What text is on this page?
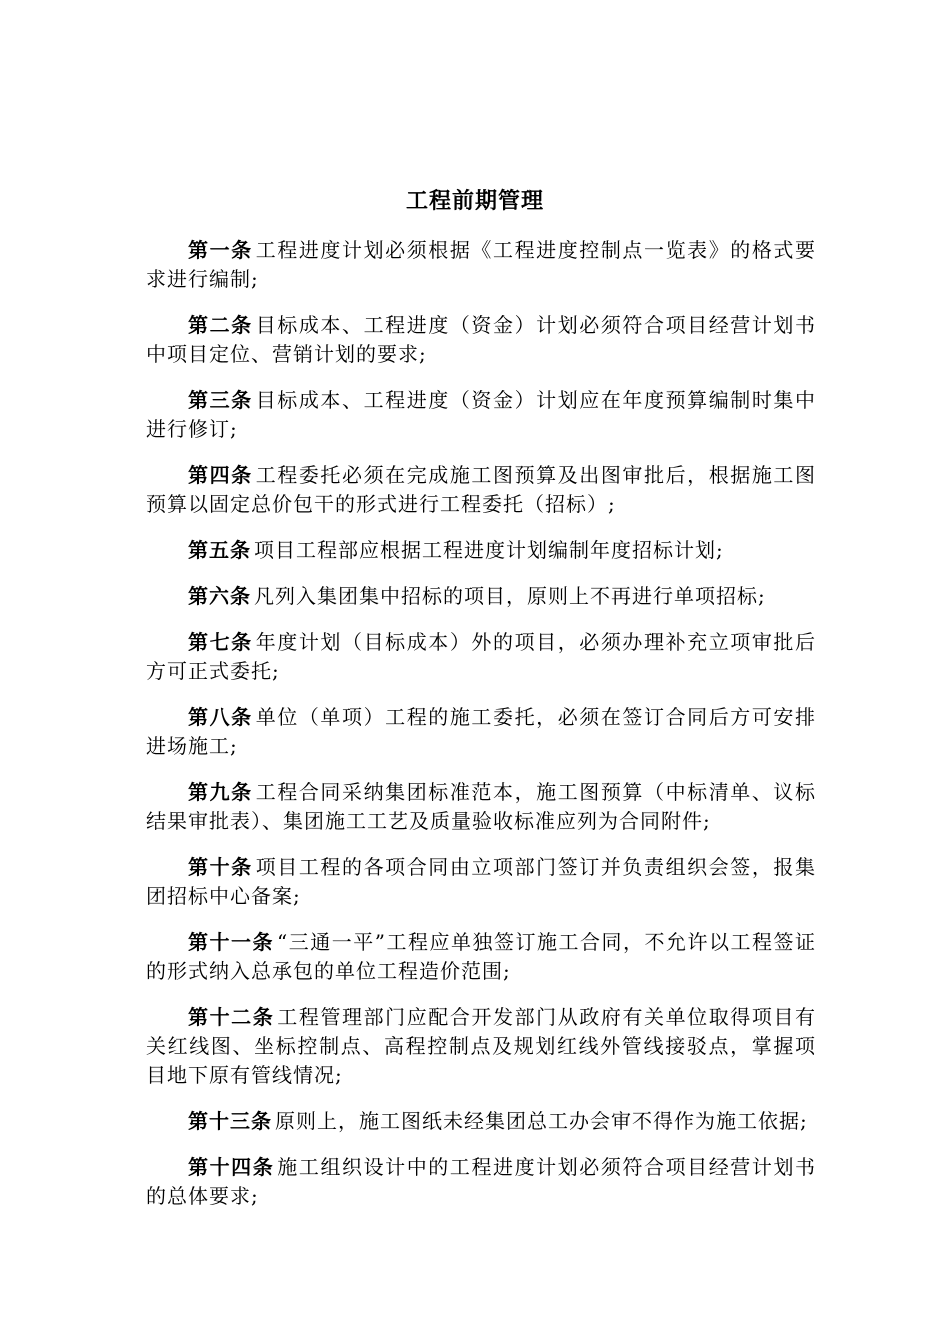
工程前期管理

第一条 工程进度计划必须根据《工程进度控制点一览表》的格式要求进行编制;

第二条 目标成本、工程进度（资金）计划必须符合项目经营计划书中项目定位、营销计划的要求;

第三条 目标成本、工程进度（资金）计划应在年度预算编制时集中进行修订;

第四条 工程委托必须在完成施工图预算及出图审批后，根据施工图预算以固定总价包干的形式进行工程委托（招标）;

第五条 项目工程部应根据工程进度计划编制年度招标计划;

第六条 凡列入集团集中招标的项目，原则上不再进行单项招标;

第七条 年度计划（目标成本）外的项目，必须办理补充立项审批后方可正式委托;

第八条 单位（单项）工程的施工委托，必须在签订合同后方可安排进场施工;

第九条 工程合同采纳集团标准范本，施工图预算（中标清单、议标结果审批表）、集团施工工艺及质量验收标准应列为合同附件;

第十条 项目工程的各项合同由立项部门签订并负责组织会签，报集团招标中心备案;

第十一条 “三通一平”工程应单独签订施工合同，不允许以工程签证的形式纳入总承包的单位工程造价范围;

第十二条 工程管理部门应配合开发部门从政府有关单位取得项目有关红线图、坐标控制点、高程控制点及规划红线外管线接驳点，掌握项目地下原有管线情况;

第十三条 原则上，施工图纸未经集团总工办会审不得作为施工依据;

第十四条 施工组织设计中的工程进度计划必须符合项目经营计划书的总体要求;
